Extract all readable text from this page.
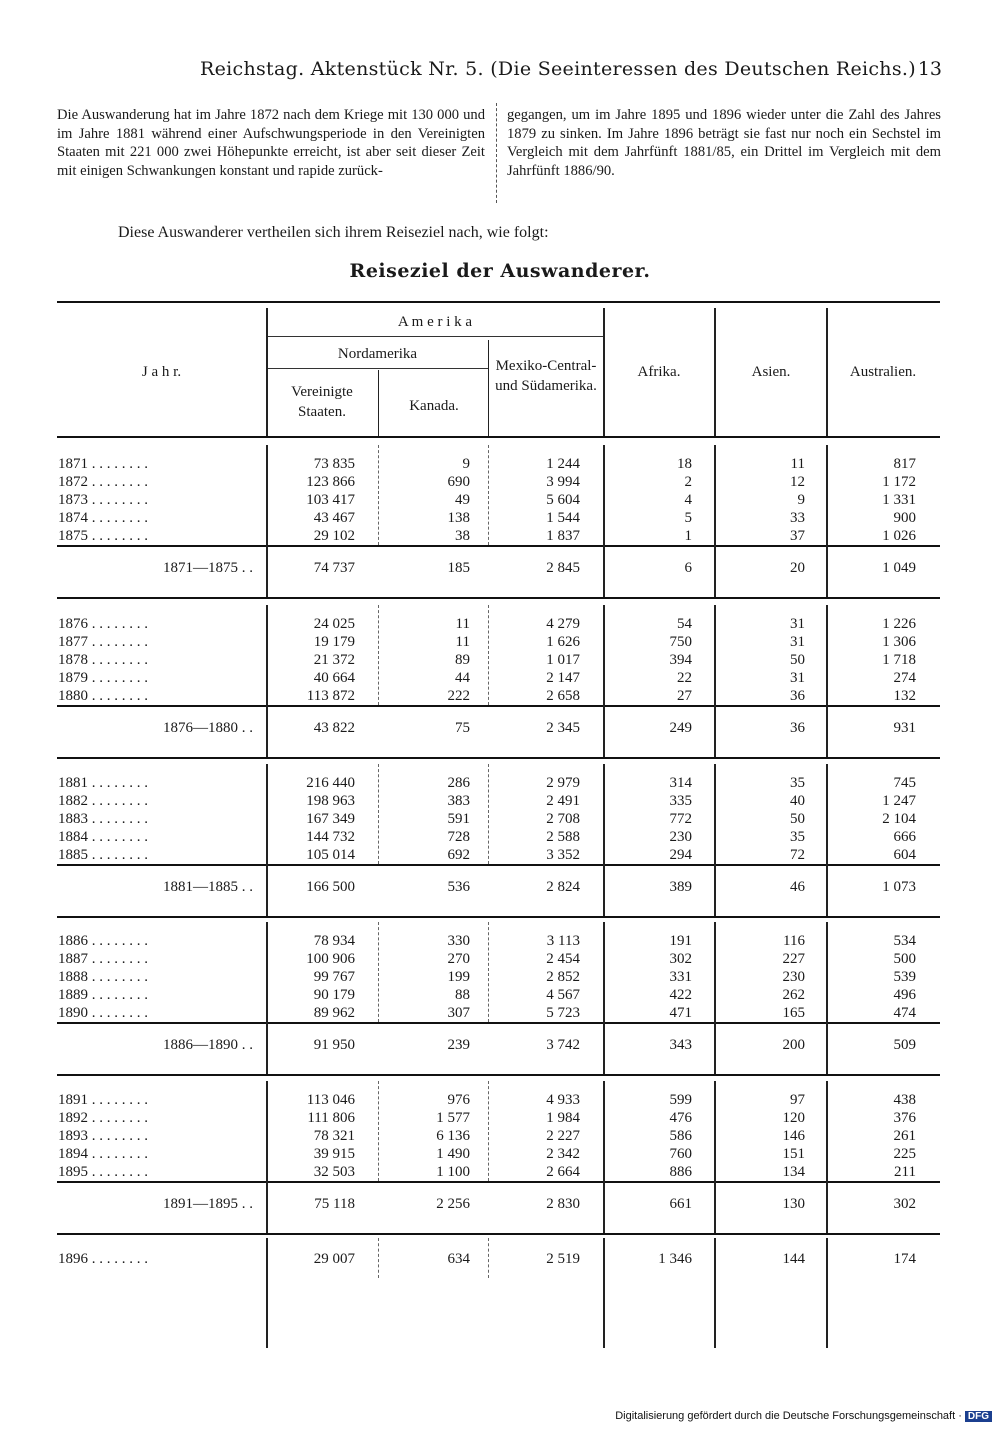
Reichstag. Aktenstück Nr. 5. (Die Seeinteressen des Deutschen Reichs.) 13
Die Auswanderung hat im Jahre 1872 nach dem Kriege mit 130 000 und im Jahre 1881 während einer Aufschwungsperiode in den Vereinigten Staaten mit 221 000 zwei Höhepunkte erreicht, ist aber seit dieser Zeit mit einigen Schwankungen konstant und rapide zurück-
gegangen, um im Jahre 1895 und 1896 wieder unter die Zahl des Jahres 1879 zu sinken. Im Jahre 1896 beträgt sie fast nur noch ein Sechstel im Vergleich mit dem Jahrfünft 1881/85, ein Drittel im Vergleich mit dem Jahrfünft 1886/90.
Diese Auswanderer vertheilen sich ihrem Reiseziel nach, wie folgt:
Reiseziel der Auswanderer.
J a h r.
A m e r i k a
Nordamerika
Vereinigte Staaten.	Kanada.
Mexiko-Central- und Südamerika.
Afrika.	Asien.	Australien.
1871 . . . . . . . .	73 835	9	1 244	18	11	817
1872 . . . . . . . .	123 866	690	3 994	2	12	1 172
1873 . . . . . . . .	103 417	49	5 604	4	9	1 331
1874 . . . . . . . .	43 467	138	1 544	5	33	900
1875 . . . . . . . .	29 102	38	1 837	1	37	1 026
1871—1875 . .	74 737	185	2 845	6	20	1 049
1876 . . . . . . . .	24 025	11	4 279	54	31	1 226
1877 . . . . . . . .	19 179	11	1 626	750	31	1 306
1878 . . . . . . . .	21 372	89	1 017	394	50	1 718
1879 . . . . . . . .	40 664	44	2 147	22	31	274
1880 . . . . . . . .	113 872	222	2 658	27	36	132
1876—1880 . .	43 822	75	2 345	249	36	931
1881 . . . . . . . .	216 440	286	2 979	314	35	745
1882 . . . . . . . .	198 963	383	2 491	335	40	1 247
1883 . . . . . . . .	167 349	591	2 708	772	50	2 104
1884 . . . . . . . .	144 732	728	2 588	230	35	666
1885 . . . . . . . .	105 014	692	3 352	294	72	604
1881—1885 . .	166 500	536	2 824	389	46	1 073
1886 . . . . . . . .	78 934	330	3 113	191	116	534
1887 . . . . . . . .	100 906	270	2 454	302	227	500
1888 . . . . . . . .	99 767	199	2 852	331	230	539
1889 . . . . . . . .	90 179	88	4 567	422	262	496
1890 . . . . . . . .	89 962	307	5 723	471	165	474
1886—1890 . .	91 950	239	3 742	343	200	509
1891 . . . . . . . .	113 046	976	4 933	599	97	438
1892 . . . . . . . .	111 806	1 577	1 984	476	120	376
1893 . . . . . . . .	78 321	6 136	2 227	586	146	261
1894 . . . . . . . .	39 915	1 490	2 342	760	151	225
1895 . . . . . . . .	32 503	1 100	2 664	886	134	211
1891—1895 . .	75 118	2 256	2 830	661	130	302
1896 . . . . . . . .	29 007	634	2 519	1 346	144	174
Digitalisierung gefördert durch die Deutsche Forschungsgemeinschaft · DFG
